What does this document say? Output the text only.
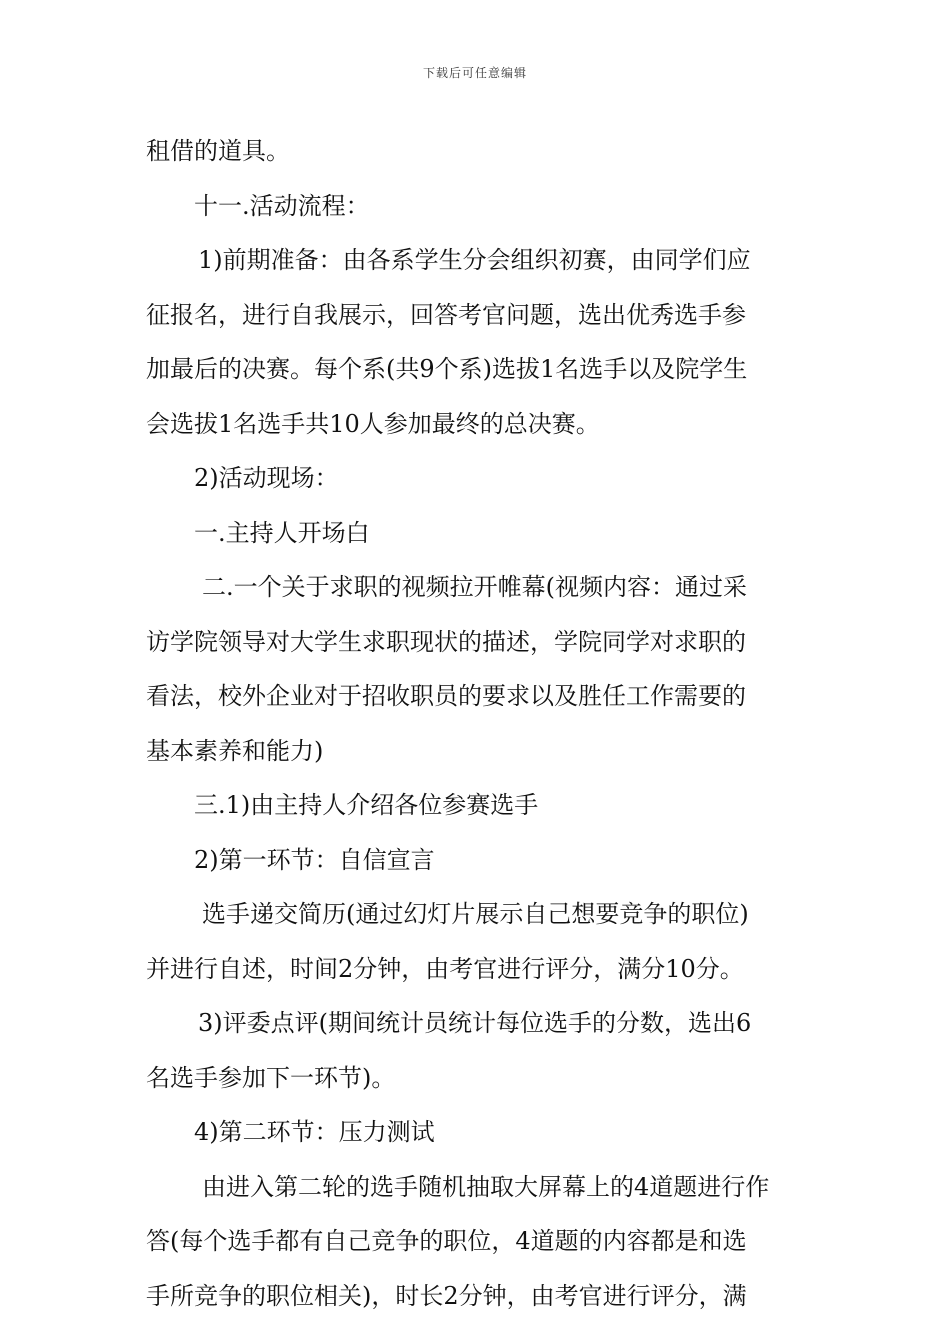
下载后可任意编辑
租借的道具。
十一.活动流程：
1)前期准备：由各系学生分会组织初赛，由同学们应
征报名，进行自我展示，回答考官问题，选出优秀选手参
加最后的决赛。每个系(共9个系)选拔1名选手以及院学生
会选拔1名选手共10人参加最终的总决赛。
2)活动现场：
一.主持人开场白
二.一个关于求职的视频拉开帷幕(视频内容：通过采
访学院领导对大学生求职现状的描述，学院同学对求职的
看法，校外企业对于招收职员的要求以及胜任工作需要的
基本素养和能力)
三.1)由主持人介绍各位参赛选手
2)第一环节：自信宣言
选手递交简历(通过幻灯片展示自己想要竞争的职位)
并进行自述，时间2分钟，由考官进行评分，满分10分。
3)评委点评(期间统计员统计每位选手的分数，选出6
名选手参加下一环节)。
4)第二环节：压力测试
由进入第二轮的选手随机抽取大屏幕上的4道题进行作
答(每个选手都有自己竞争的职位，4道题的内容都是和选
手所竞争的职位相关)，时长2分钟，由考官进行评分，满
